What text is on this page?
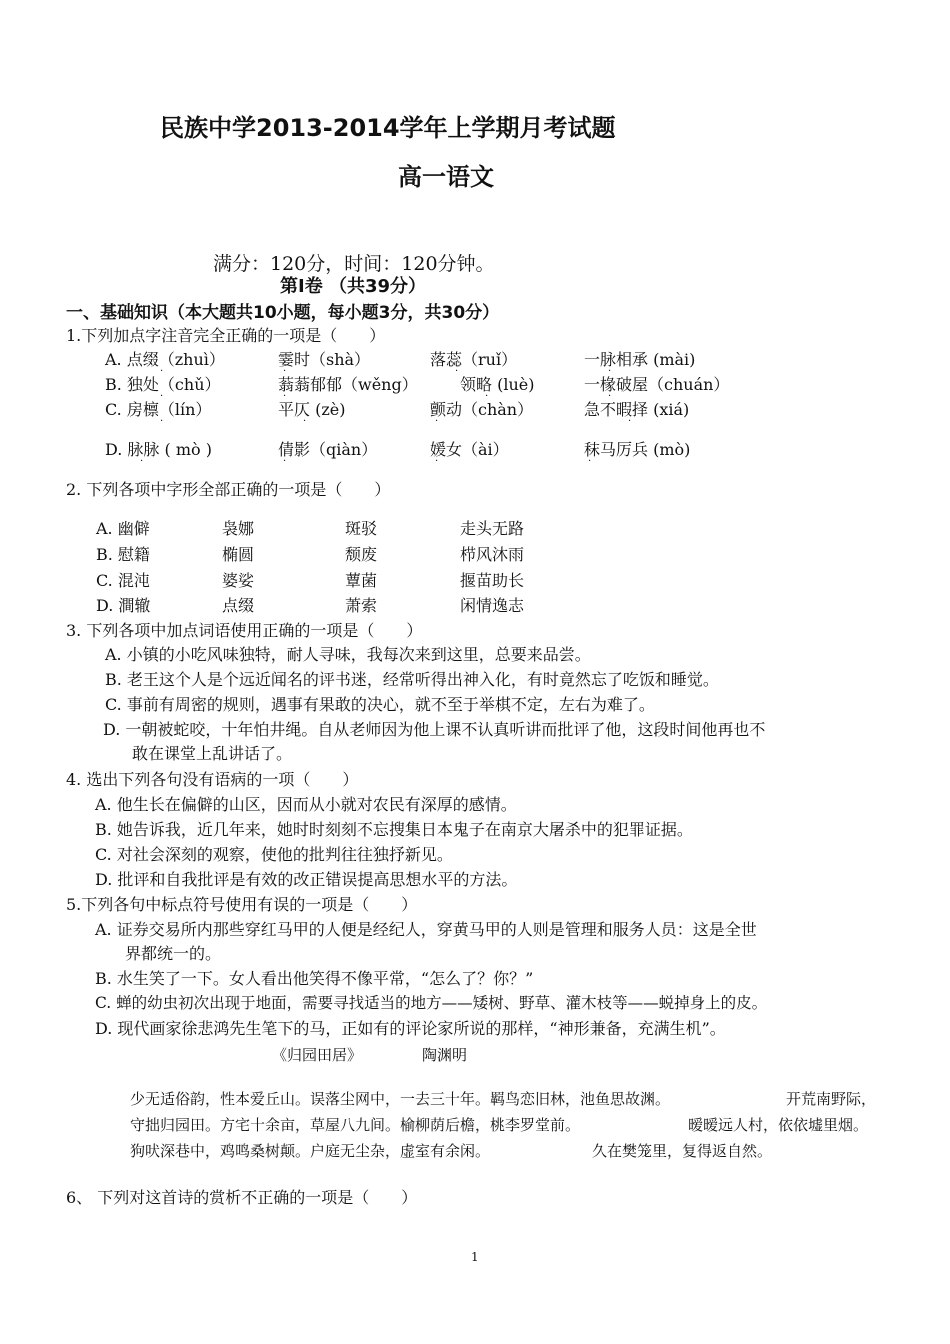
民族中学2013-2014学年上学期月考试题
高一语文
满分：120分，时间：120分钟。
第Ⅰ卷 （共39分）
一、基础知识（本大题共10小题，每小题3分，共30分）
1.下列加点字注音完全正确的一项是（　　）
A. 点缀（zhuì）	霎时（shà）	落蕊（ruǐ）	一脉相承 (mài)
B. 独处（chǔ）	蓊蓊郁郁（wěng）	领略 (luè)	一椽破屋（chuán）
C. 房檩（lín）	平仄 (zè)	颤动（chàn）	急不暇择 (xiá)
D. 脉脉 ( mò )	倩影（qiàn）	媛女（ài）	秣马厉兵 (mò)
·	·	·	·
·	·	·	·
·	·	·	·
·	·	·	·
2. 下列各项中字形全部正确的一项是（　　）
A. 幽僻	袅娜	斑驳	走头无路
B. 慰籍	椭圆	颓废	栉风沐雨
C. 混沌	婆娑	蕈菌	揠苗助长
D. 澗辙	点缀	萧索	闲情逸志
3. 下列各项中加点词语使用正确的一项是（　　）
A. 小镇的小吃风味独特，耐人寻味，我每次来到这里，总要来品尝。
B. 老王这个人是个远近闻名的评书迷，经常听得出神入化，有时竟然忘了吃饭和睡觉。
C. 事前有周密的规则，遇事有果敢的决心，就不至于举棋不定，左右为难了。
D. 一朝被蛇咬，十年怕井绳。自从老师因为他上课不认真听讲而批评了他，这段时间他再也不
敢在课堂上乱讲话了。
4. 选出下列各句没有语病的一项（　　）
A. 他生长在偏僻的山区，因而从小就对农民有深厚的感情。
B. 她告诉我，近几年来，她时时刻刻不忘搜集日本鬼子在南京大屠杀中的犯罪证据。
C. 对社会深刻的观察，使他的批判往往独抒新见。
D. 批评和自我批评是有效的改正错误提高思想水平的方法。
5.下列各句中标点符号使用有误的一项是（　　）
A. 证券交易所内那些穿红马甲的人便是经纪人，穿黄马甲的人则是管理和服务人员：这是全世
界都统一的。
B. 水生笑了一下。女人看出他笑得不像平常，“怎么了？你？”
C. 蝉的幼虫初次出现于地面，需要寻找适当的地方——矮树、野草、灌木枝等——蜕掉身上的皮。
D. 现代画家徐悲鸿先生笔下的马，正如有的评论家所说的那样，“神形兼备，充满生机”。
《归园田居》	陶渊明
少无适俗韵，性本爱丘山。误落尘网中，一去三十年。羁鸟恋旧林，池鱼思故渊。	开荒南野际，
守拙归园田。方宅十余亩，草屋八九间。榆柳荫后檐，桃李罗堂前。	暧暧远人村，依依墟里烟。
狗吠深巷中，鸡鸣桑树颠。户庭无尘杂，虚室有余闲。	久在樊笼里，复得返自然。
6、 下列对这首诗的赏析不正确的一项是（　　）
1
